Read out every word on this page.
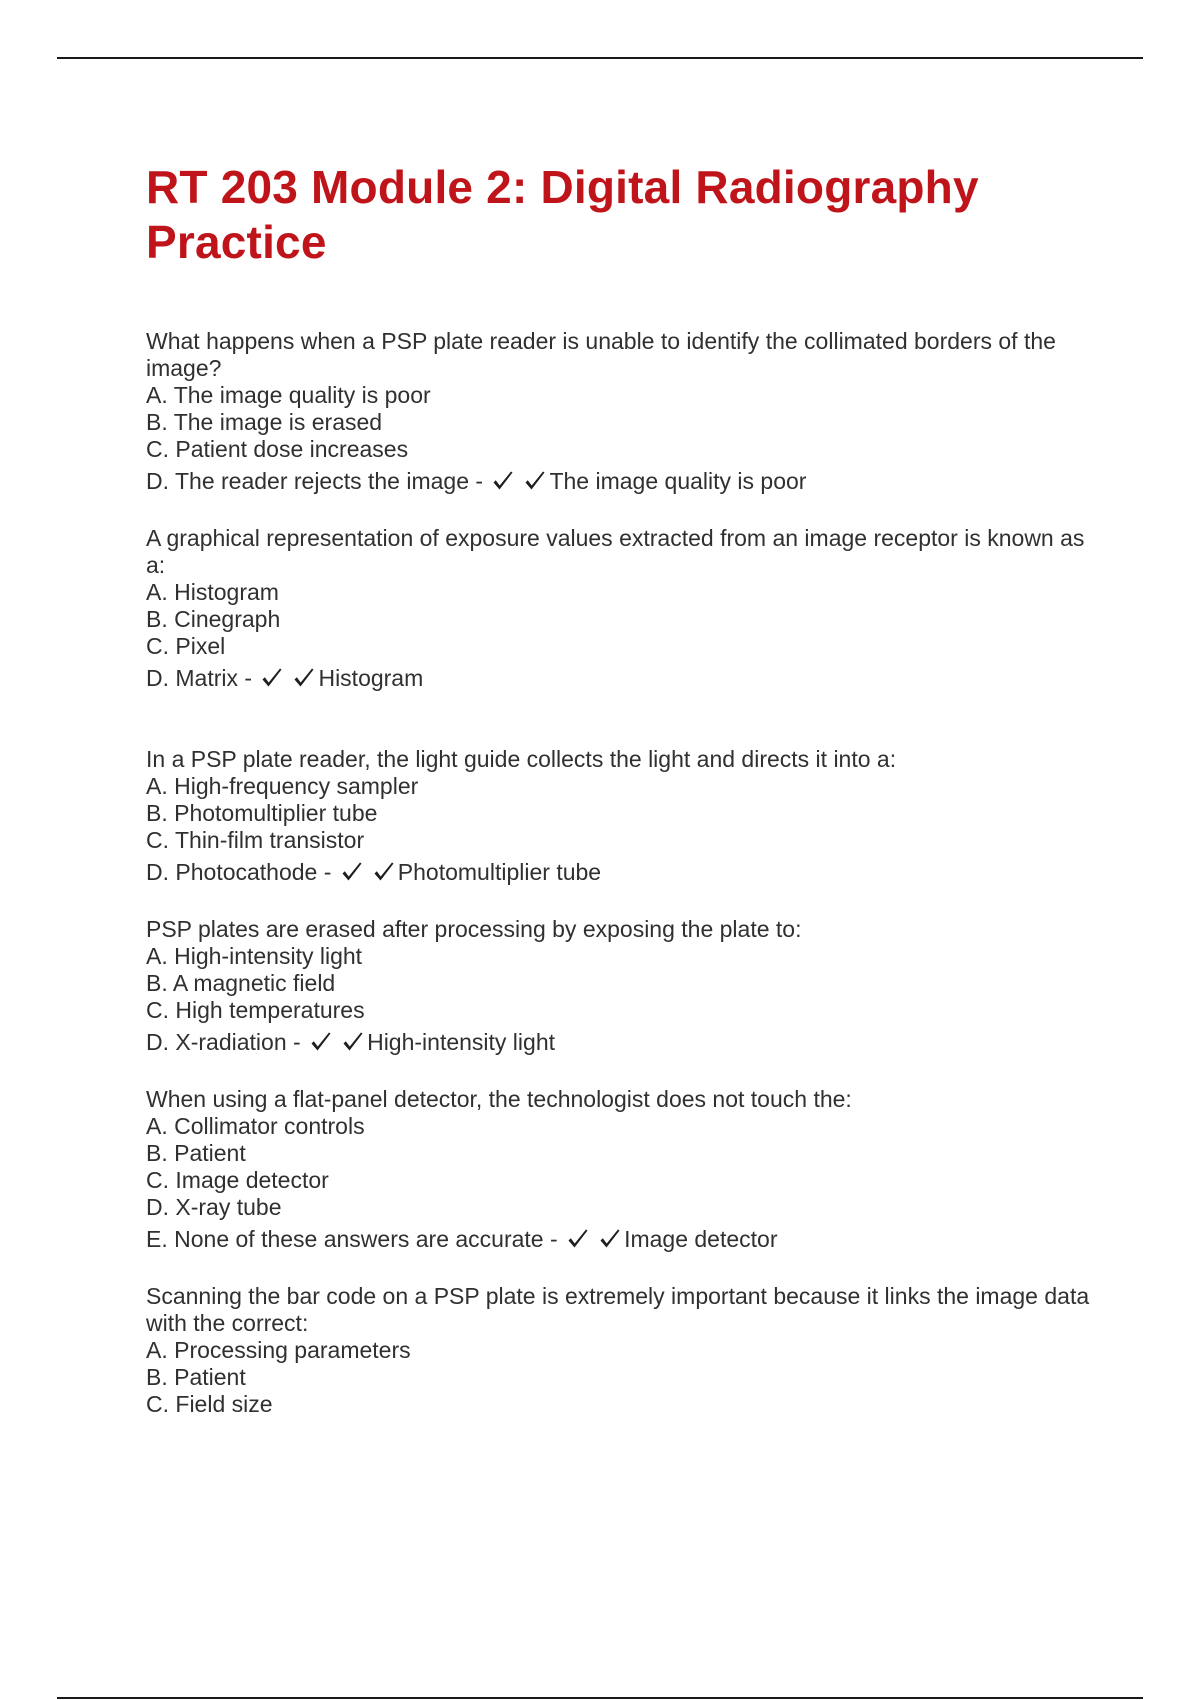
RT 203 Module 2: Digital Radiography Practice

What happens when a PSP plate reader is unable to identify the collimated borders of the image?

A. The image quality is poor
B. The image is erased
C. Patient dose increases
D. The reader rejects the image -	The image quality is poor

A graphical representation of exposure values extracted from an image receptor is known as a:

A. Histogram
B. Cinegraph
C. Pixel
D. Matrix -	Histogram

In a PSP plate reader, the light guide collects the light and directs it into a:

A. High-frequency sampler
B. Photomultiplier tube
C. Thin-film transistor
D. Photocathode -	Photomultiplier tube

PSP plates are erased after processing by exposing the plate to:

A. High-intensity light
B. A magnetic field
C. High temperatures
D. X-radiation -	High-intensity light

When using a flat-panel detector, the technologist does not touch the:

A. Collimator controls
B. Patient
C. Image detector
D. X-ray tube
E. None of these answers are accurate -	Image detector

Scanning the bar code on a PSP plate is extremely important because it links the image data with the correct:

A. Processing parameters
B. Patient
C. Field size
